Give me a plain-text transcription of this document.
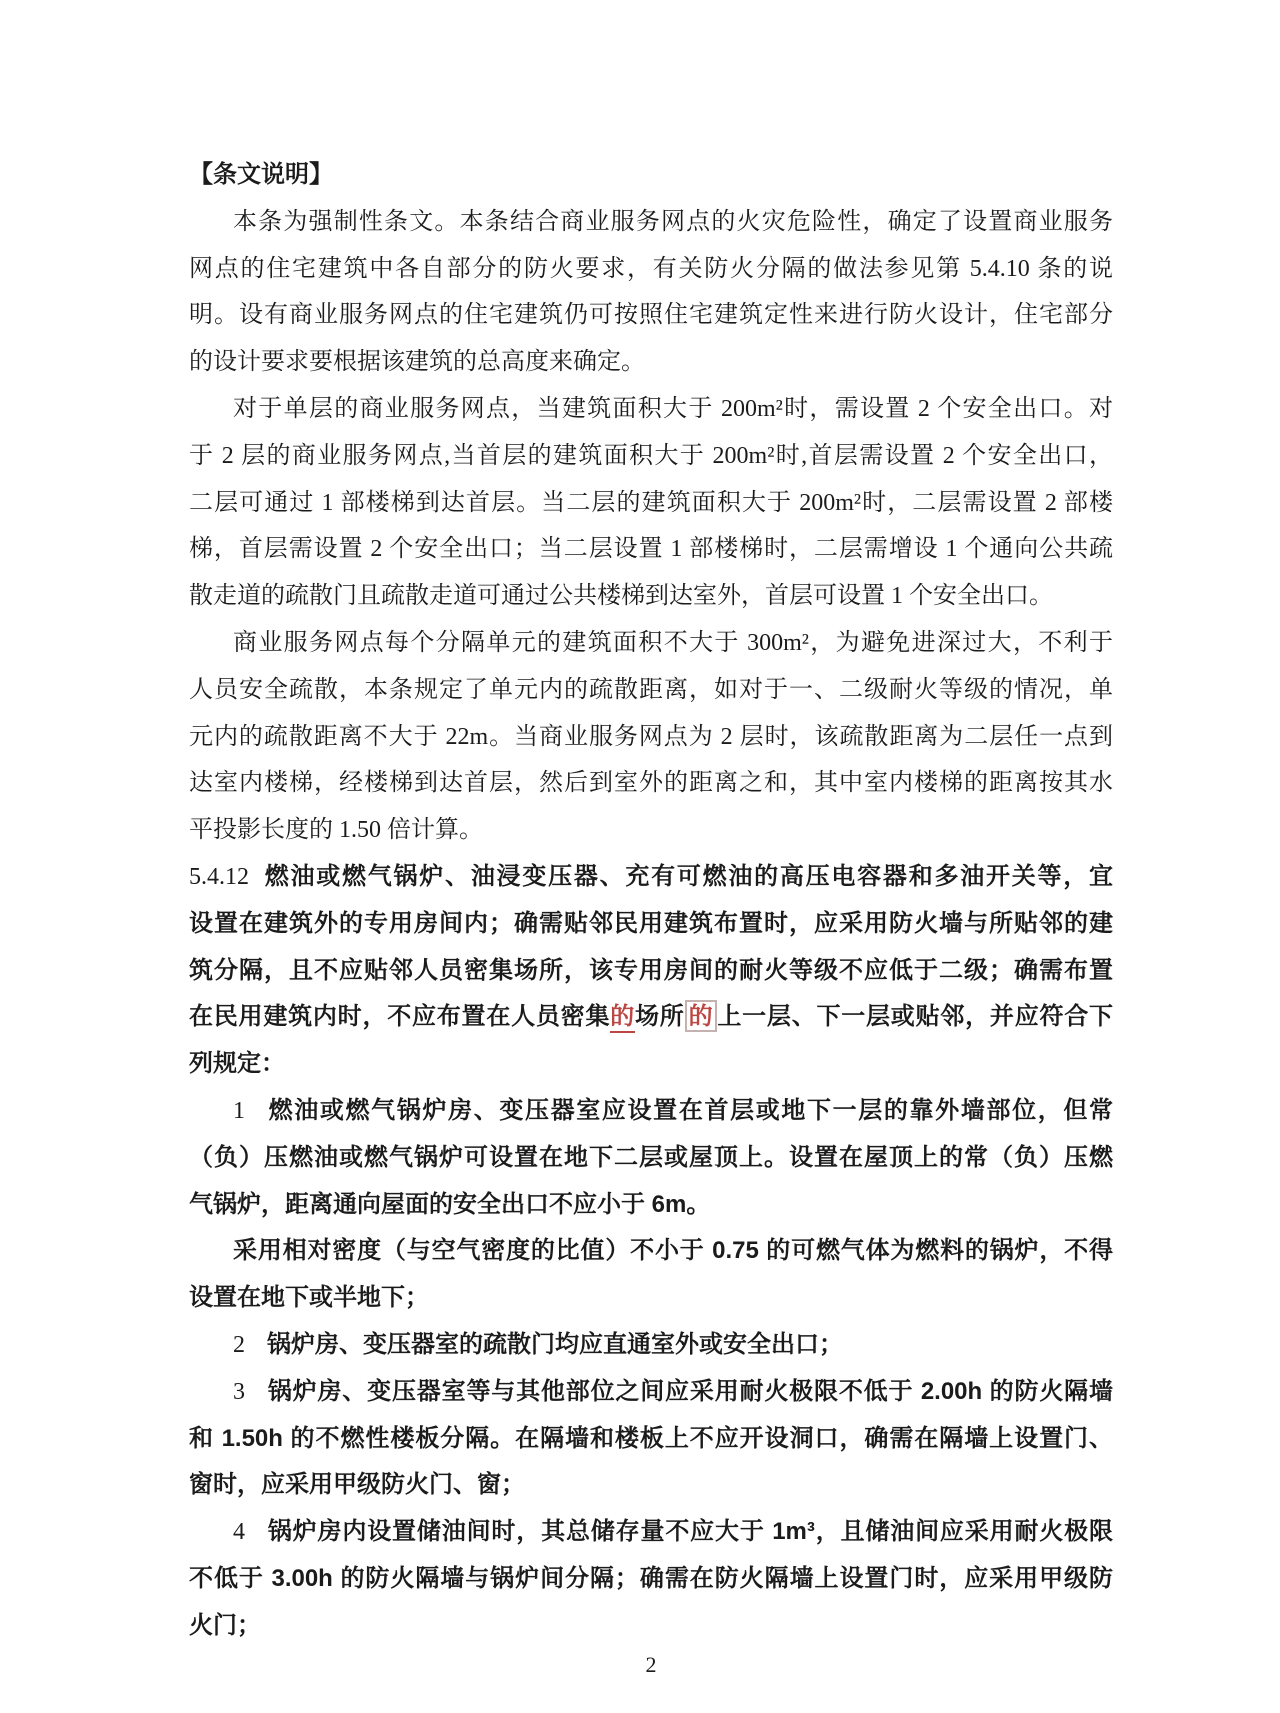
【条文说明】
本条为强制性条文。本条结合商业服务网点的火灾危险性，确定了设置商业服务
网点的住宅建筑中各自部分的防火要求，有关防火分隔的做法参见第 5.4.10 条的说
明。设有商业服务网点的住宅建筑仍可按照住宅建筑定性来进行防火设计，住宅部分
的设计要求要根据该建筑的总高度来确定。
对于单层的商业服务网点，当建筑面积大于 200m²时，需设置 2 个安全出口。对
于 2 层的商业服务网点,当首层的建筑面积大于 200m²时,首层需设置 2 个安全出口，
二层可通过 1 部楼梯到达首层。当二层的建筑面积大于 200m²时，二层需设置 2 部楼
梯，首层需设置 2 个安全出口；当二层设置 1 部楼梯时，二层需增设 1 个通向公共疏
散走道的疏散门且疏散走道可通过公共楼梯到达室外，首层可设置 1 个安全出口。
商业服务网点每个分隔单元的建筑面积不大于 300m²，为避免进深过大，不利于
人员安全疏散，本条规定了单元内的疏散距离，如对于一、二级耐火等级的情况，单
元内的疏散距离不大于 22m。当商业服务网点为 2 层时，该疏散距离为二层任一点到
达室内楼梯，经楼梯到达首层，然后到室外的距离之和，其中室内楼梯的距离按其水
平投影长度的 1.50 倍计算。
5.4.12 燃油或燃气锅炉、油浸变压器、充有可燃油的高压电容器和多油开关等，宜
设置在建筑外的专用房间内；确需贴邻民用建筑布置时，应采用防火墙与所贴邻的建
筑分隔，且不应贴邻人员密集场所，该专用房间的耐火等级不应低于二级；确需布置
在民用建筑内时，不应布置在人员密集的场所 的 上一层、下一层或贴邻，并应符合下
列规定：
1 燃油或燃气锅炉房、变压器室应设置在首层或地下一层的靠外墙部位，但常
（负）压燃油或燃气锅炉可设置在地下二层或屋顶上。设置在屋顶上的常（负）压燃
气锅炉，距离通向屋面的安全出口不应小于 6m。
采用相对密度（与空气密度的比值）不小于 0.75 的可燃气体为燃料的锅炉，不得
设置在地下或半地下；
2 锅炉房、变压器室的疏散门均应直通室外或安全出口；
3 锅炉房、变压器室等与其他部位之间应采用耐火极限不低于 2.00h 的防火隔墙
和 1.50h 的不燃性楼板分隔。在隔墙和楼板上不应开设洞口，确需在隔墙上设置门、
窗时，应采用甲级防火门、窗；
4 锅炉房内设置储油间时，其总储存量不应大于 1m³，且储油间应采用耐火极限
不低于 3.00h 的防火隔墙与锅炉间分隔；确需在防火隔墙上设置门时，应采用甲级防
火门；
2
